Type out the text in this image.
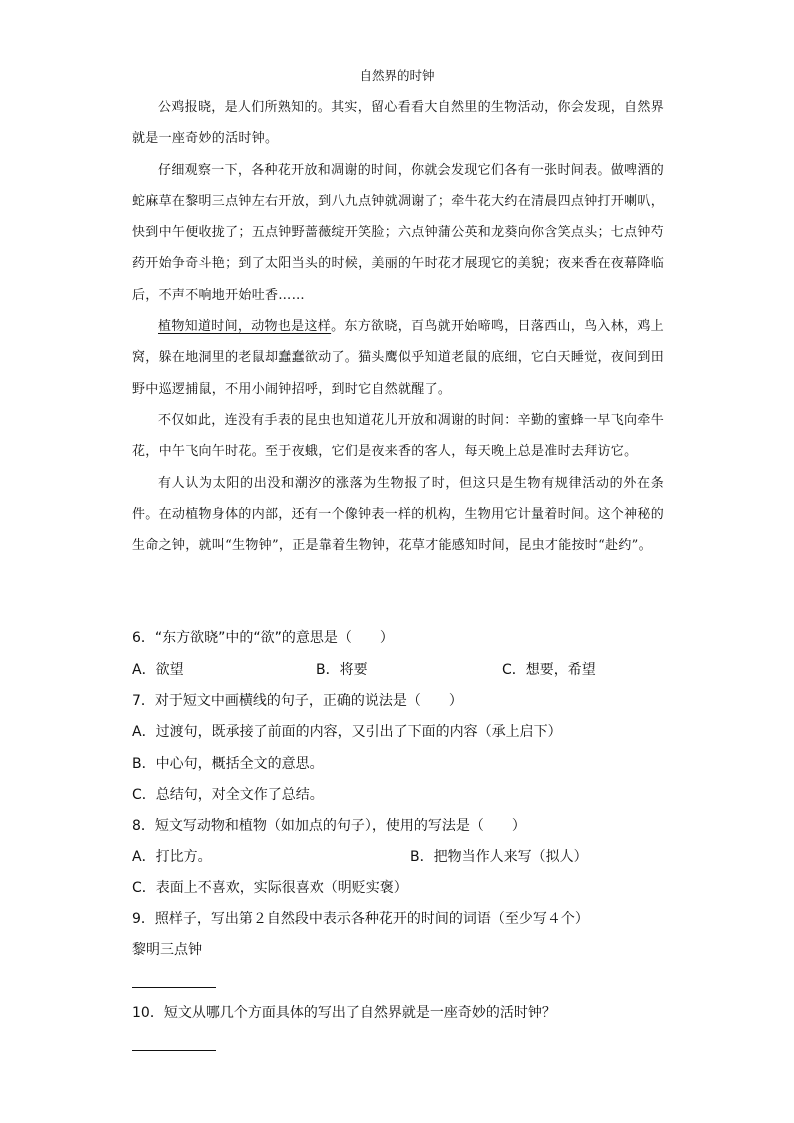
自然界的时钟

公鸡报晓，是人们所熟知的。其实，留心看看大自然里的生物活动，你会发现，自然界就是一座奇妙的活时钟。

仔细观察一下，各种花开放和凋谢的时间，你就会发现它们各有一张时间表。做啤酒的蛇麻草在黎明三点钟左右开放，到八九点钟就凋谢了；牵牛花大约在清晨四点钟打开喇叭，快到中午便收拢了；五点钟野蔷薇绽开笑脸；六点钟蒲公英和龙葵向你含笑点头；七点钟芍药开始争奇斗艳；到了太阳当头的时候，美丽的午时花才展现它的美貌；夜来香在夜幕降临后，不声不响地开始吐香……

植物知道时间，动物也是这样。东方欲晓，百鸟就开始啼鸣，日落西山，鸟入林，鸡上窝，躲在地洞里的老鼠却蠢蠢欲动了。猫头鹰似乎知道老鼠的底细，它白天睡觉，夜间到田野中巡逻捕鼠，不用小闹钟招呼，到时它自然就醒了。

不仅如此，连没有手表的昆虫也知道花儿开放和凋谢的时间：辛勤的蜜蜂一早飞向牵牛花，中午飞向午时花。至于夜蛾，它们是夜来香的客人，每天晚上总是准时去拜访它。

有人认为太阳的出没和潮汐的涨落为生物报了时，但这只是生物有规律活动的外在条件。在动植物身体的内部，还有一个像钟表一样的机构，生物用它计量着时间。这个神秘的生命之钟，就叫“生物钟”，正是靠着生物钟，花草才能感知时间，昆虫才能按时“赴约”。

6．“东方欲晓”中的“欲”的意思是（　　）
A．欲望	B．将要	C．想要，希望
7．对于短文中画横线的句子，正确的说法是（　　）
A．过渡句，既承接了前面的内容，又引出了下面的内容（承上启下）
B．中心句，概括全文的意思。
C．总结句，对全文作了总结。
8．短文写动物和植物（如加点的句子），使用的写法是（　　）
A．打比方。	B．把物当作人来写（拟人）
C．表面上不喜欢，实际很喜欢（明贬实褒）
9．照样子，写出第２自然段中表示各种花开的时间的词语（至少写４个）
黎明三点钟
10．短文从哪几个方面具体的写出了自然界就是一座奇妙的活时钟？
